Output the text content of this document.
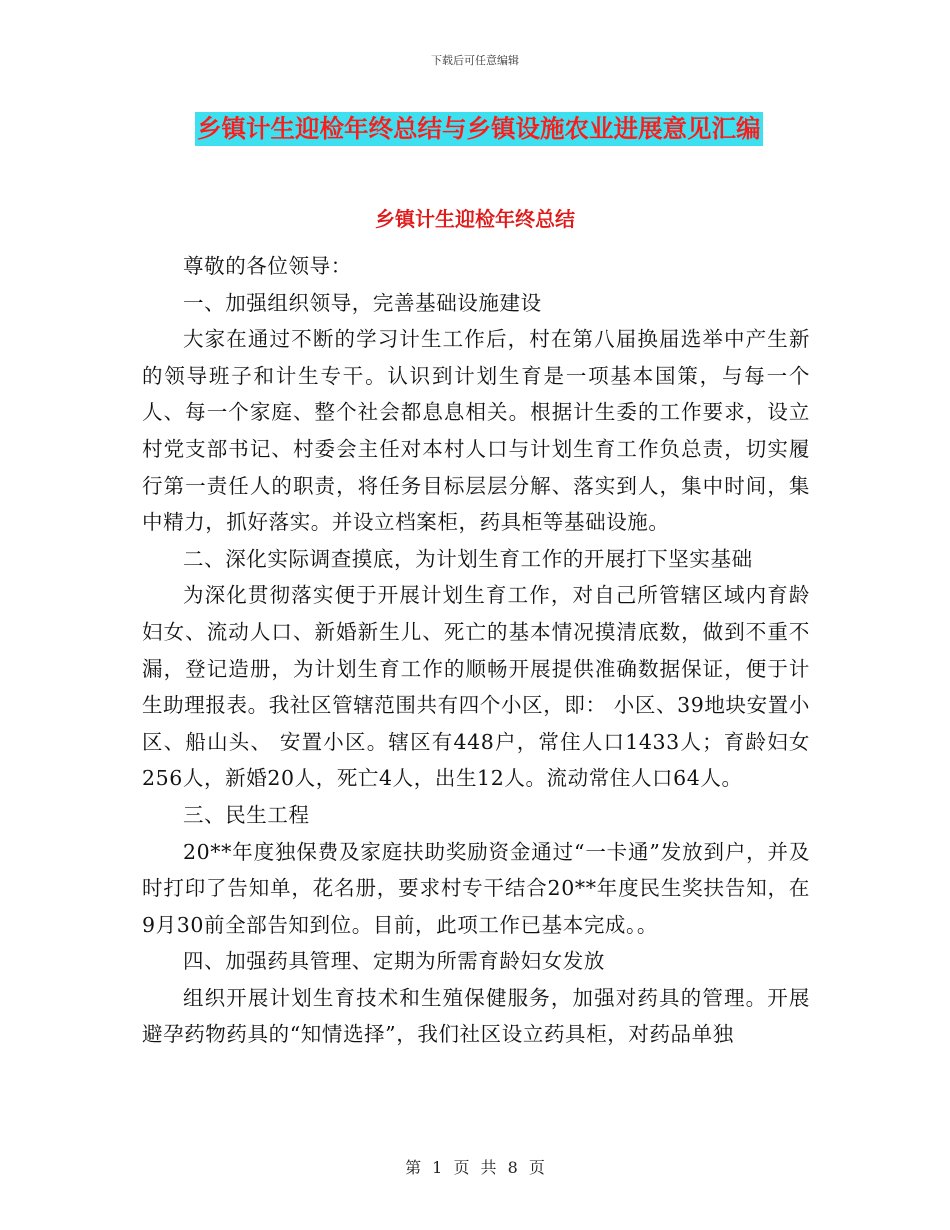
下载后可任意编辑
乡镇计生迎检年终总结与乡镇设施农业进展意见汇编
乡镇计生迎检年终总结

尊敬的各位领导：

一、加强组织领导，完善基础设施建设

大家在通过不断的学习计生工作后，村在第八届换届选举中产生新的领导班子和计生专干。认识到计划生育是一项基本国策，与每一个人、每一个家庭、整个社会都息息相关。根据计生委的工作要求，设立村党支部书记、村委会主任对本村人口与计划生育工作负总责，切实履行第一责任人的职责，将任务目标层层分解、落实到人，集中时间，集中精力，抓好落实。并设立档案柜，药具柜等基础设施。

二、深化实际调查摸底，为计划生育工作的开展打下坚实基础

为深化贯彻落实便于开展计划生育工作，对自己所管辖区域内育龄妇女、流动人口、新婚新生儿、死亡的基本情况摸清底数，做到不重不漏，登记造册，为计划生育工作的顺畅开展提供准确数据保证，便于计生助理报表。我社区管辖范围共有四个小区，即： 小区、39地块安置小区、船山头、 安置小区。辖区有448户，常住人口1433人；育龄妇女256人，新婚20人，死亡4人，出生12人。流动常住人口64人。

三、民生工程

20**年度独保费及家庭扶助奖励资金通过“一卡通”发放到户，并及时打印了告知单，花名册，要求村专干结合20**年度民生奖扶告知，在9月30前全部告知到位。目前，此项工作已基本完成。。

四、加强药具管理、定期为所需育龄妇女发放

组织开展计划生育技术和生殖保健服务，加强对药具的管理。开展避孕药物药具的“知情选择”，我们社区设立药具柜，对药品单独

第 1 页 共 8 页
